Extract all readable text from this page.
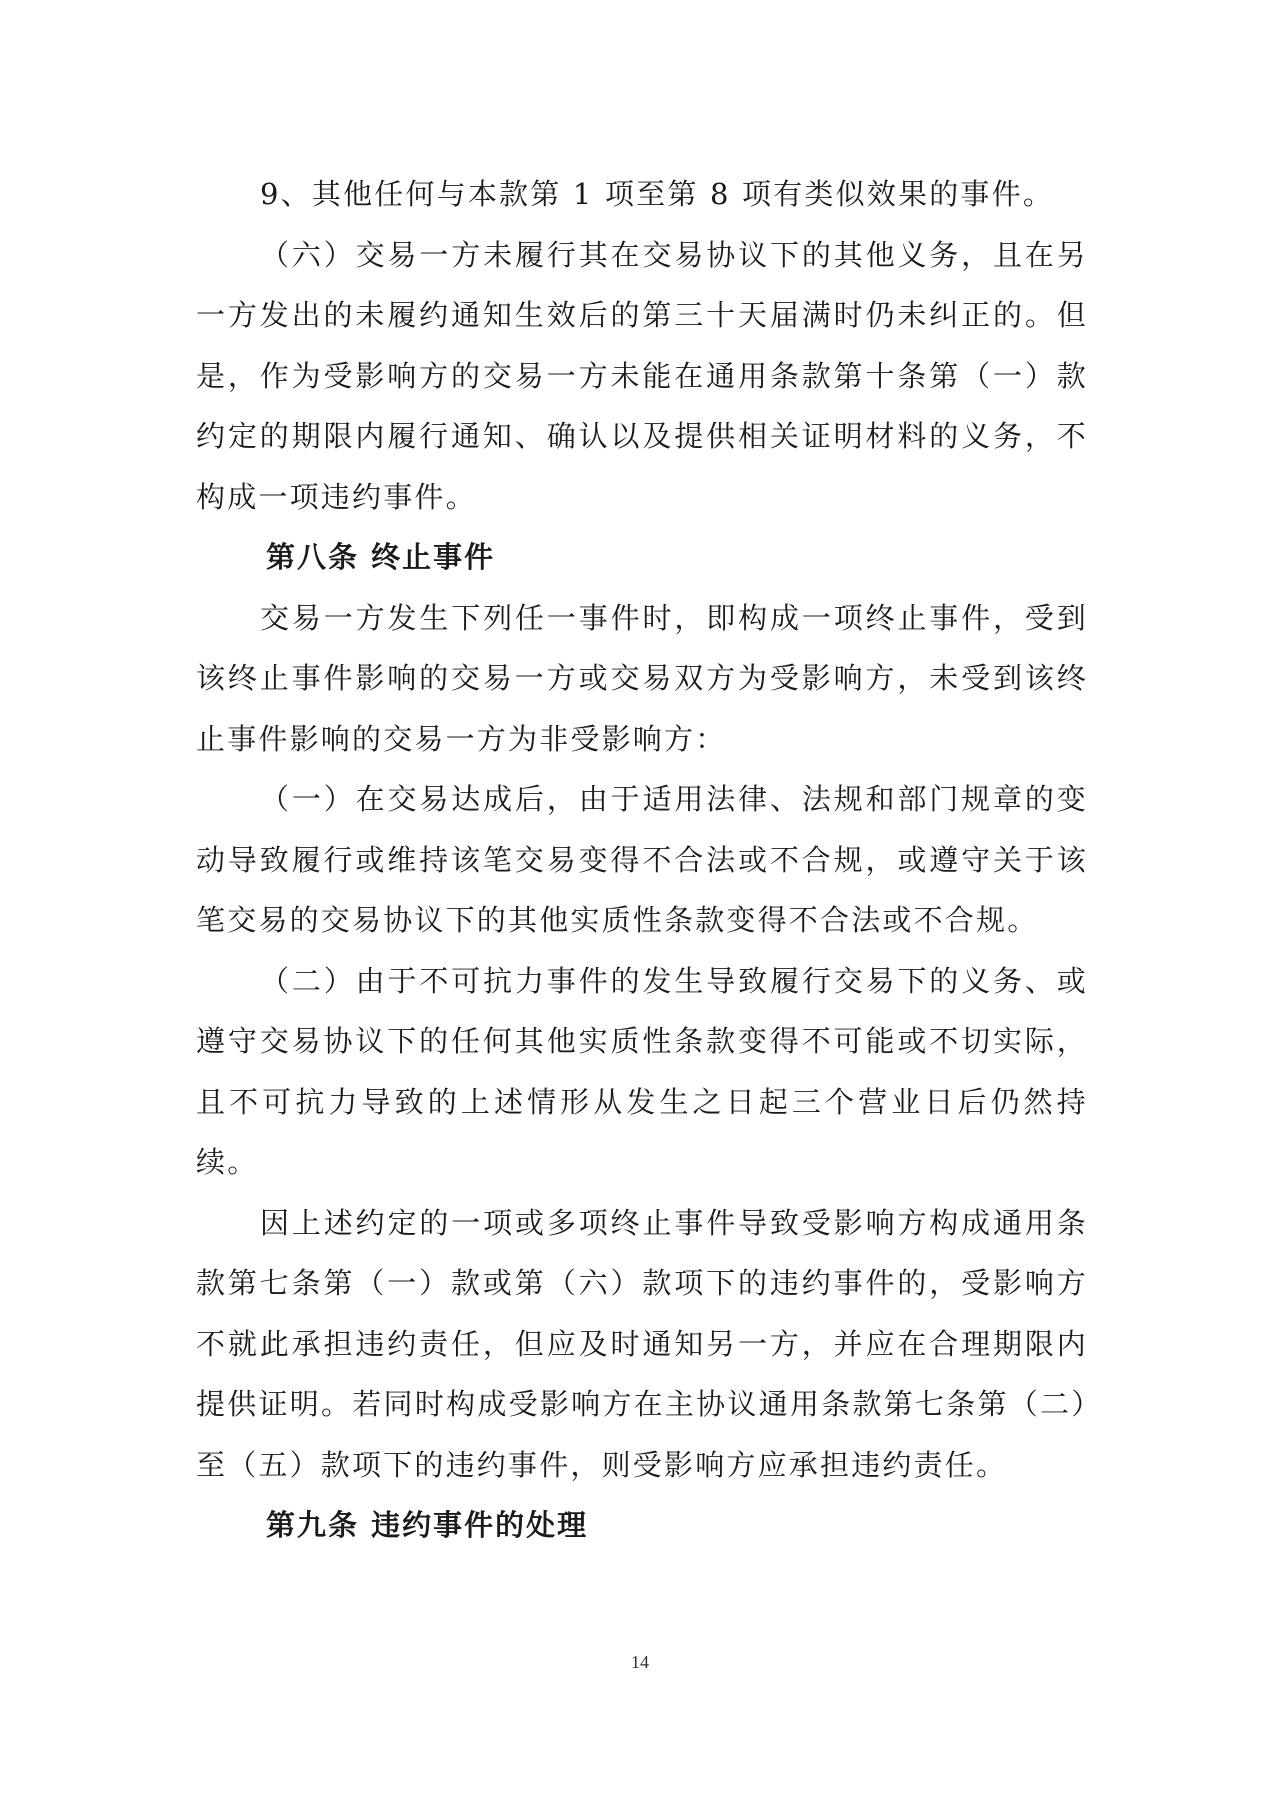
9、其他任何与本款第 1 项至第 8 项有类似效果的事件。

（六）交易一方未履行其在交易协议下的其他义务，且在另一方发出的未履约通知生效后的第三十天届满时仍未纠正的。但是，作为受影响方的交易一方未能在通用条款第十条第（一）款约定的期限内履行通知、确认以及提供相关证明材料的义务，不构成一项违约事件。

第八条 终止事件

交易一方发生下列任一事件时，即构成一项终止事件，受到该终止事件影响的交易一方或交易双方为受影响方，未受到该终止事件影响的交易一方为非受影响方：

（一）在交易达成后，由于适用法律、法规和部门规章的变动导致履行或维持该笔交易变得不合法或不合规，或遵守关于该笔交易的交易协议下的其他实质性条款变得不合法或不合规。

（二）由于不可抗力事件的发生导致履行交易下的义务、或遵守交易协议下的任何其他实质性条款变得不可能或不切实际，且不可抗力导致的上述情形从发生之日起三个营业日后仍然持续。

因上述约定的一项或多项终止事件导致受影响方构成通用条款第七条第（一）款或第（六）款项下的违约事件的，受影响方不就此承担违约责任，但应及时通知另一方，并应在合理期限内提供证明。若同时构成受影响方在主协议通用条款第七条第（二）至（五）款项下的违约事件，则受影响方应承担违约责任。

第九条 违约事件的处理

14
